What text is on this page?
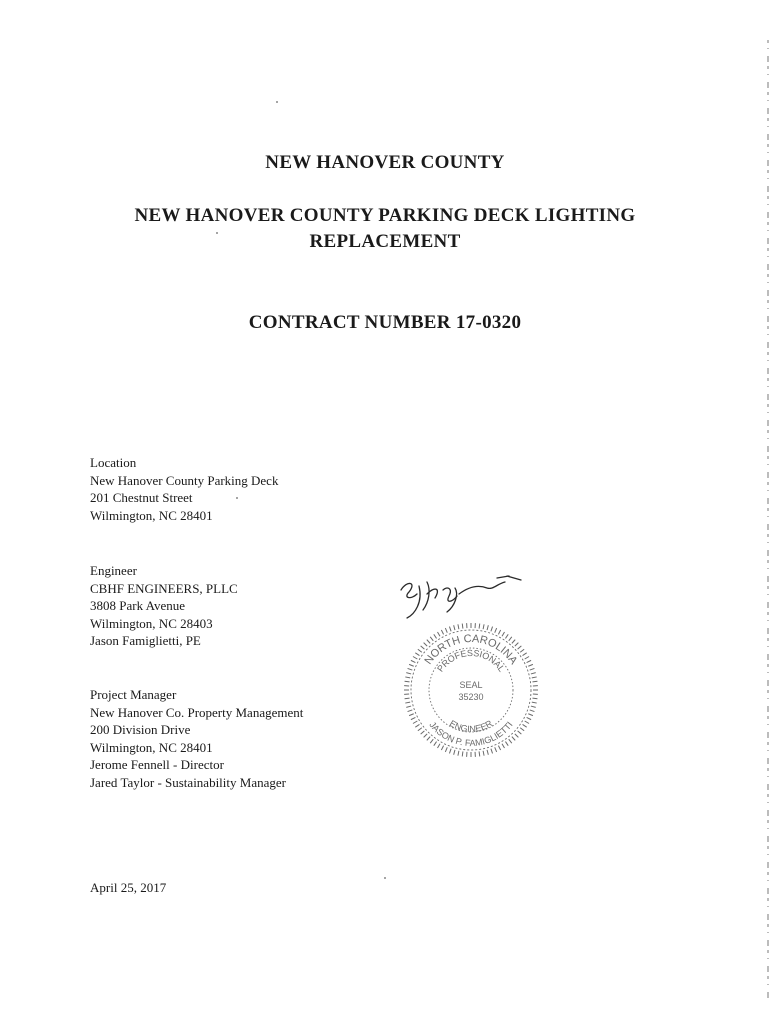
NEW HANOVER COUNTY
NEW HANOVER COUNTY PARKING DECK LIGHTING
REPLACEMENT
CONTRACT NUMBER 17-0320
Location
New Hanover County Parking Deck
201 Chestnut Street
Wilmington, NC 28401
Engineer
CBHF ENGINEERS, PLLC
3808 Park Avenue
Wilmington, NC 28403
Jason Famiglietti, PE
Project Manager
New Hanover Co. Property Management
200 Division Drive
Wilmington, NC 28401
Jerome Fennell - Director
Jared Taylor - Sustainability Manager
April 25, 2017
NORTH CAROLINA
PROFESSIONAL
ENGINEER
JASON P. FAMIGLIETTI
SEAL
35230
